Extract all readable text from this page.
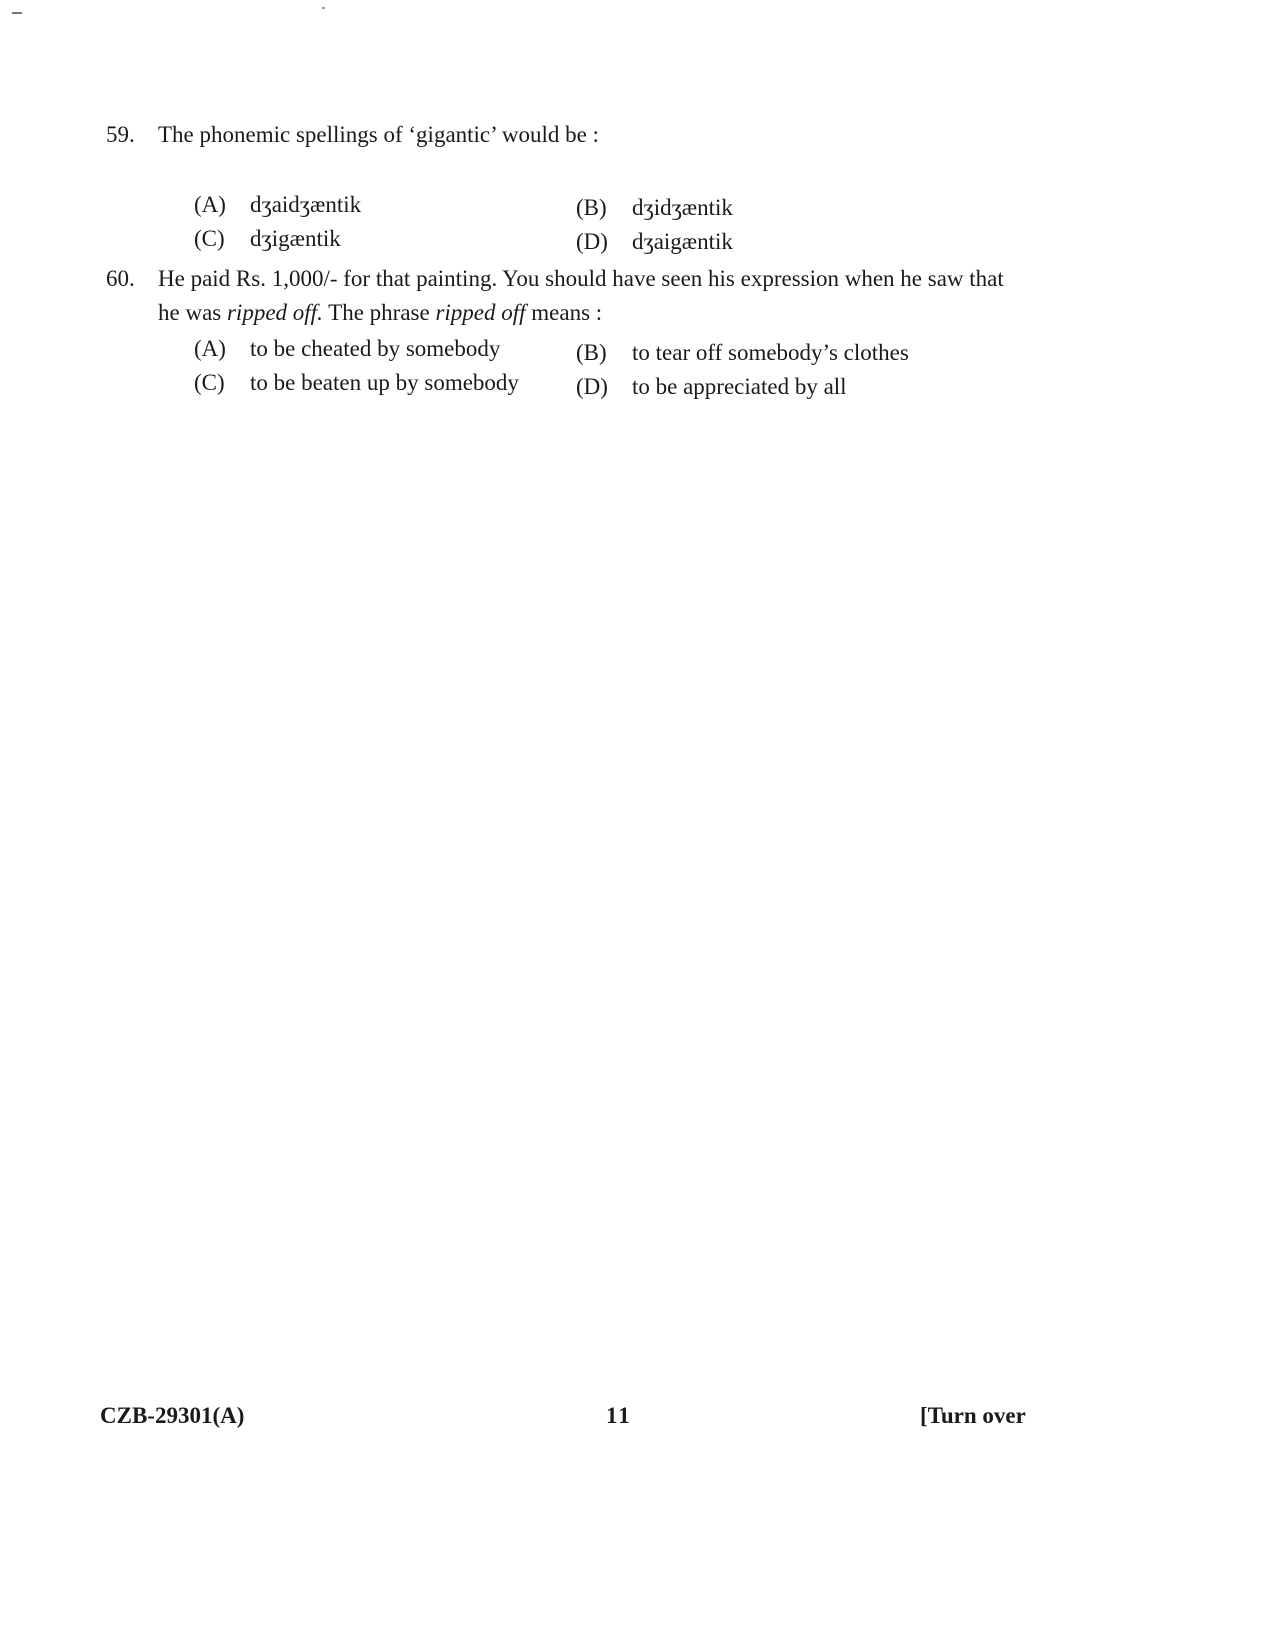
59. The phonemic spellings of ‘gigantic’ would be :
(A) dʒaidʒæntik	(B) dʒidʒæntik
(C) dʒigæntik	(D) dʒaigæntik
60. He paid Rs. 1,000/- for that painting. You should have seen his expression when he saw that he was ripped off. The phrase ripped off means :
(A) to be cheated by somebody	(B) to tear off somebody’s clothes
(C) to be beaten up by somebody (D) to be appreciated by all
CZB-29301(A)	11	[Turn over
